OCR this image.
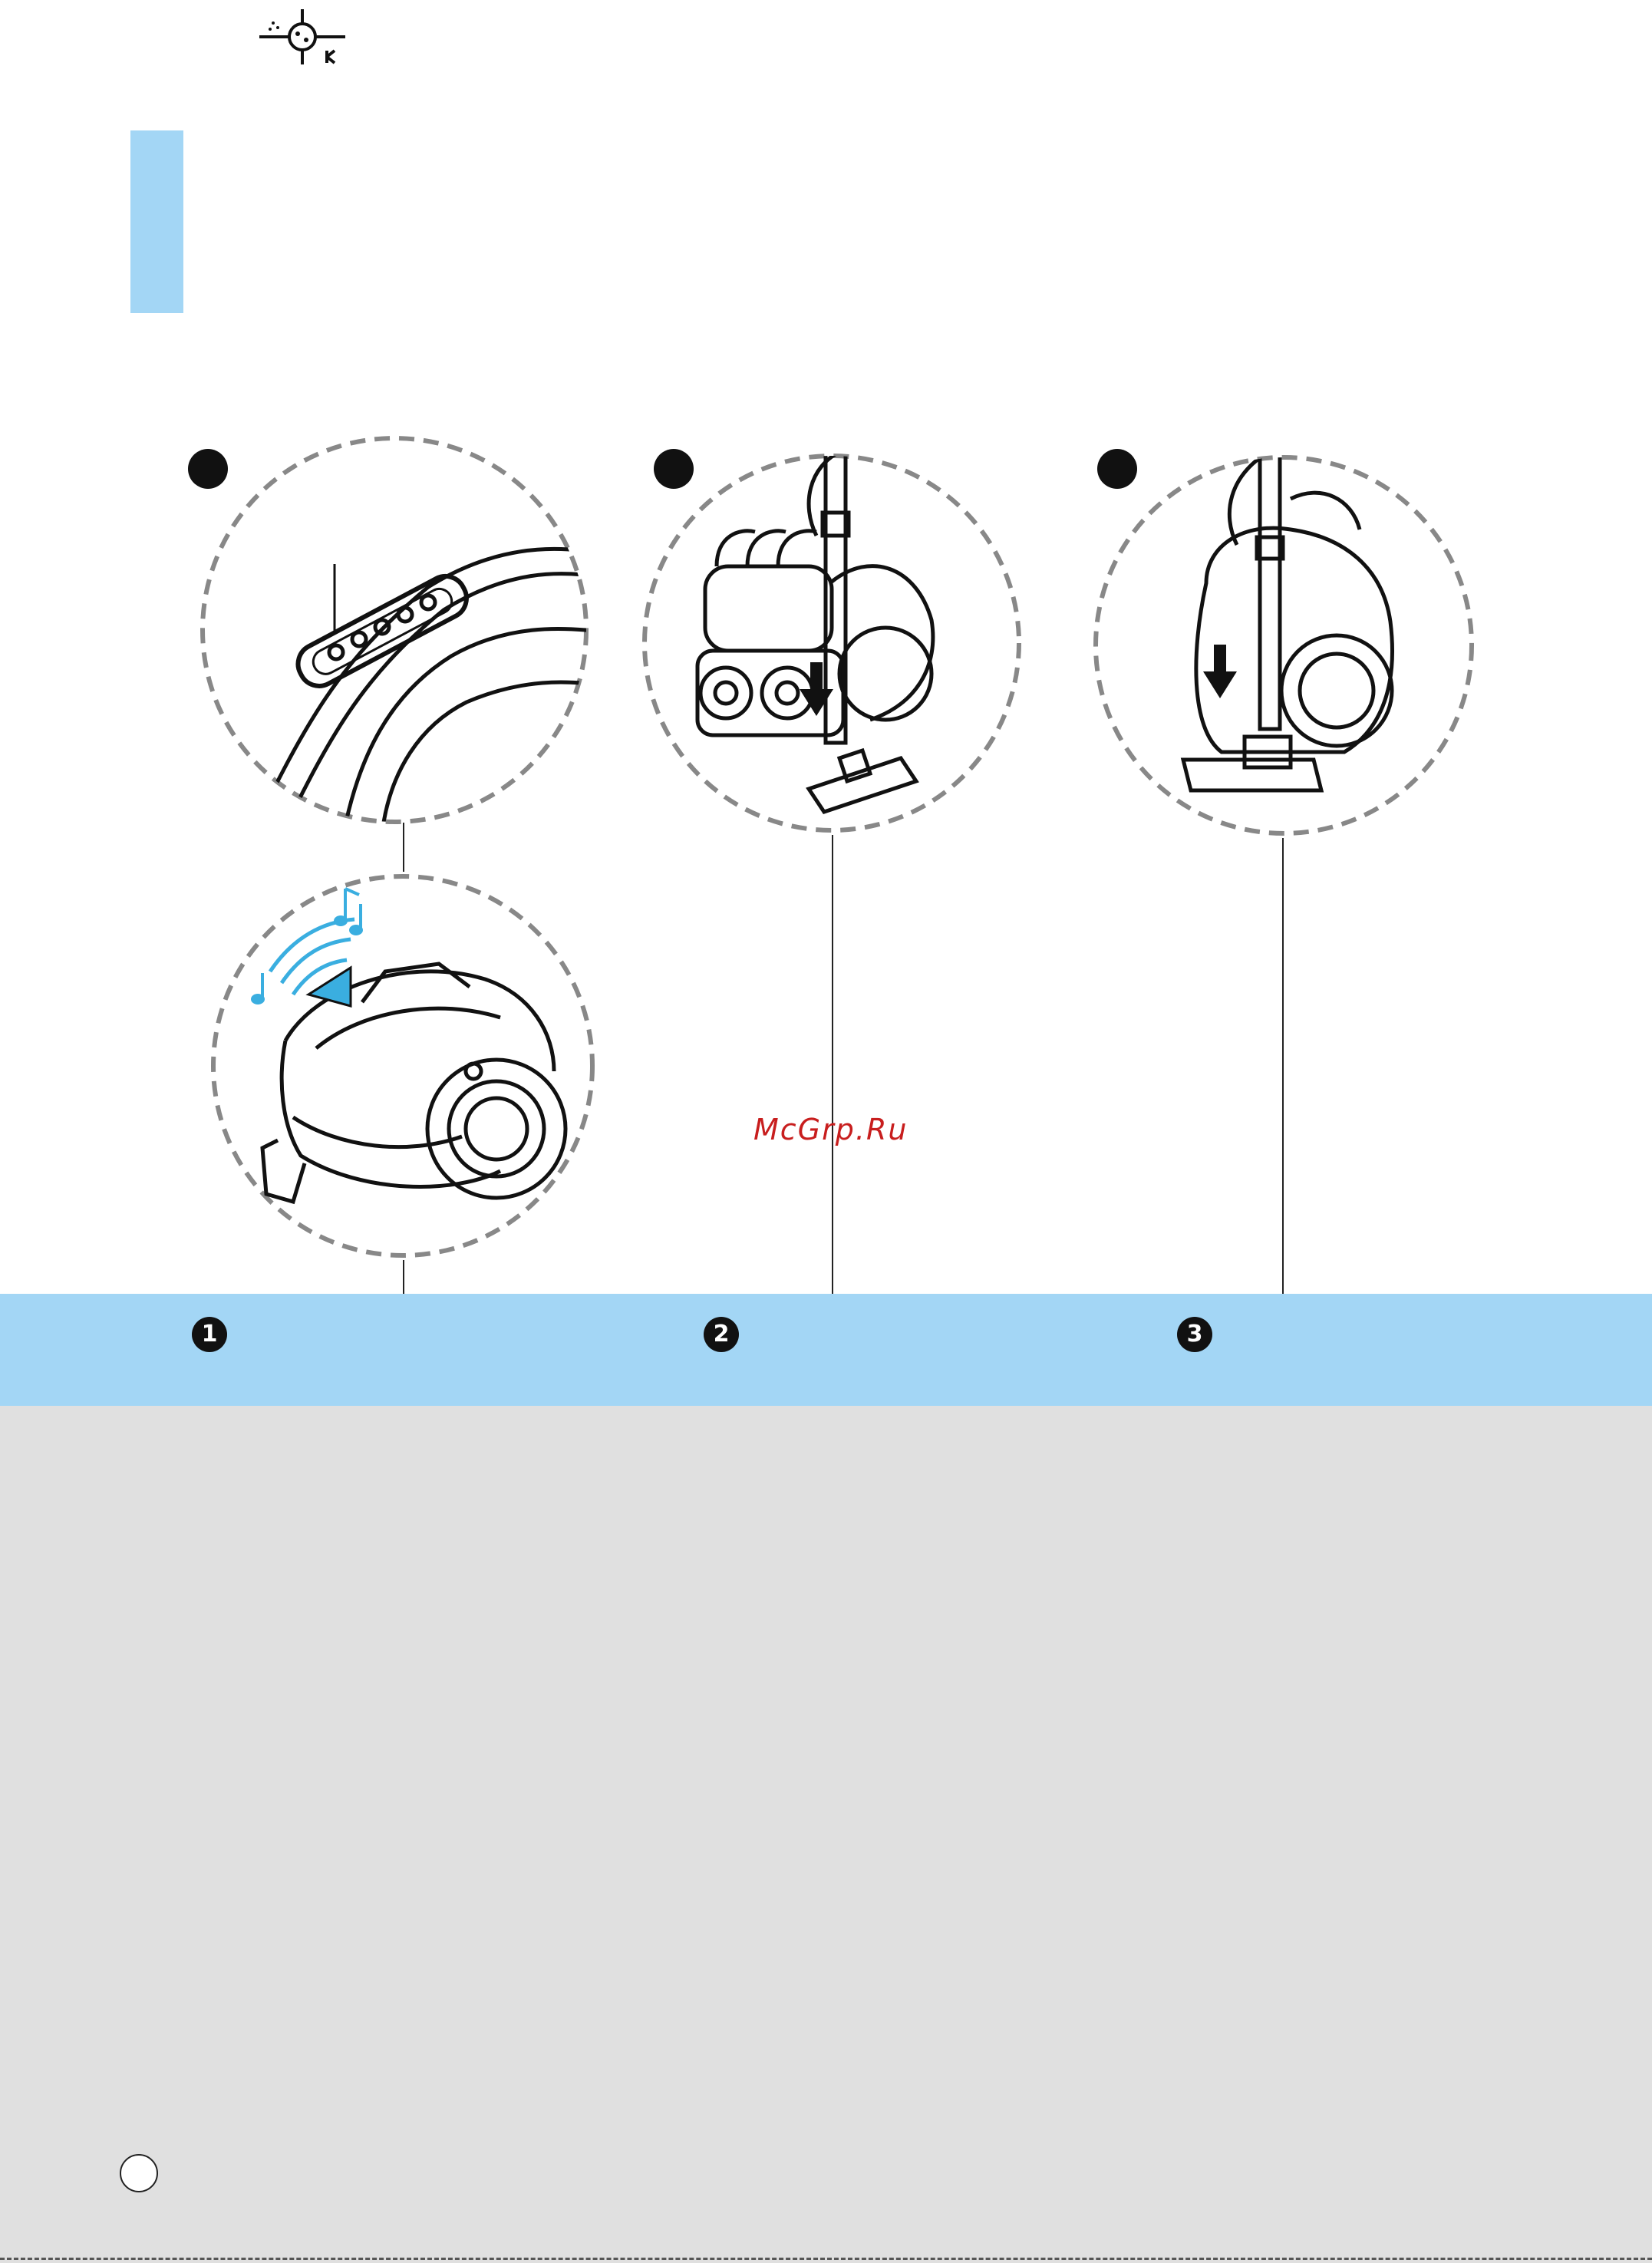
McGrp.Ru
1	2	3
